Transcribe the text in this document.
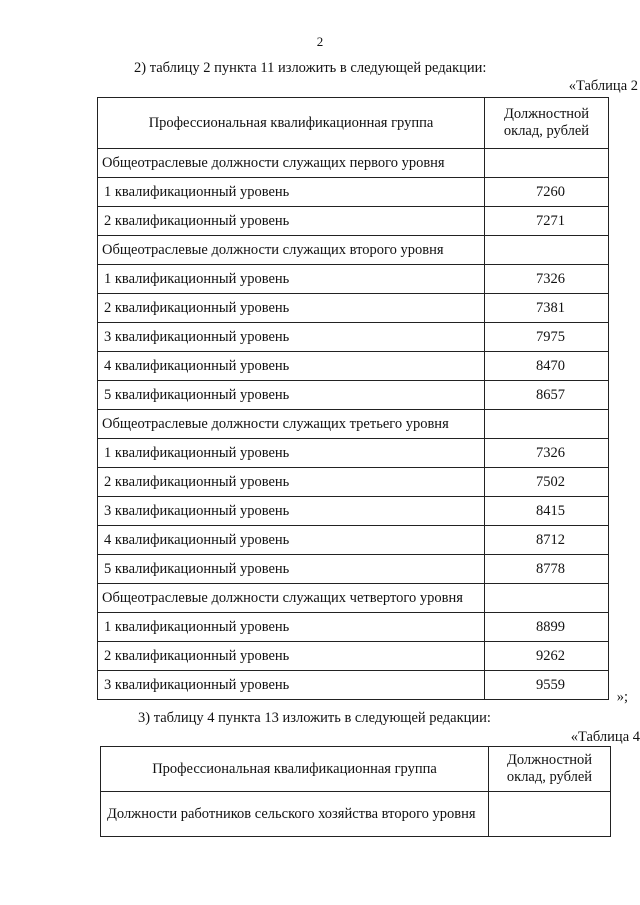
2
2) таблицу 2 пункта 11 изложить в следующей редакции:
«Таблица 2
Профессиональная квалификационная группа	Должностной оклад, рублей
Общеотраслевые должности служащих первого уровня	
1 квалификационный уровень	7260
2 квалификационный уровень	7271
Общеотраслевые должности служащих второго уровня	
1 квалификационный уровень	7326
2 квалификационный уровень	7381
3 квалификационный уровень	7975
4 квалификационный уровень	8470
5 квалификационный уровень	8657
Общеотраслевые должности служащих третьего уровня	
1 квалификационный уровень	7326
2 квалификационный уровень	7502
3 квалификационный уровень	8415
4 квалификационный уровень	8712
5 квалификационный уровень	8778
Общеотраслевые должности служащих четвертого уровня	
1 квалификационный уровень	8899
2 квалификационный уровень	9262
3 квалификационный уровень	9559
»;
3) таблицу 4 пункта 13 изложить в следующей редакции:
«Таблица 4
Профессиональная квалификационная группа	Должностной оклад, рублей
Должности работников сельского хозяйства второго уровня	
